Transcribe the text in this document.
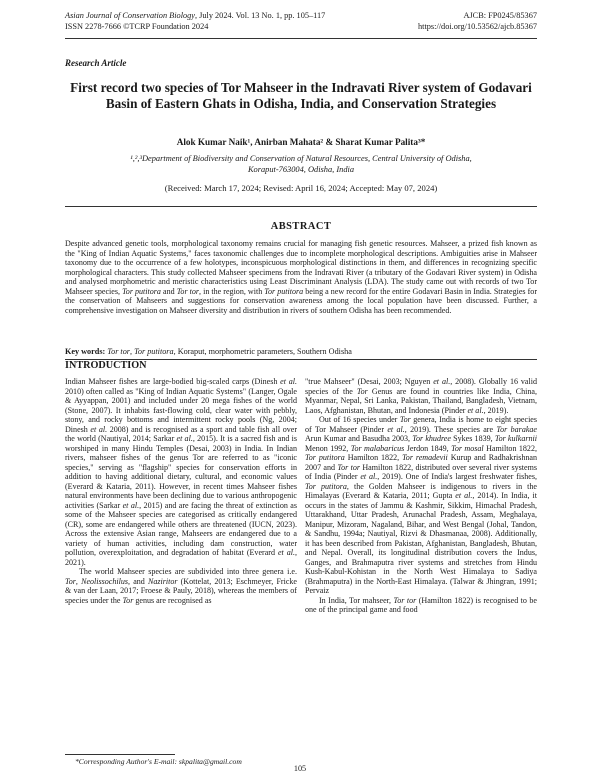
Asian Journal of Conservation Biology, July 2024. Vol. 13 No. 1, pp. 105–117
ISSN 2278-7666 ©TCRP Foundation 2024
AJCB: FP0245/85367
https://doi.org/10.53562/ajcb.85367
Research Article
First record two species of Tor Mahseer in the Indravati River system of Godavari Basin of Eastern Ghats in Odisha, India, and Conservation Strategies
Alok Kumar Naik¹, Anirban Mahata² & Sharat Kumar Palita³*
¹,²,³Department of Biodiversity and Conservation of Natural Resources, Central University of Odisha,
Koraput-763004, Odisha, India
(Received: March 17, 2024; Revised: April 16, 2024; Accepted: May 07, 2024)
ABSTRACT

Despite advanced genetic tools, morphological taxonomy remains crucial for managing fish genetic resources. Mahseer, a prized fish known as the "King of Indian Aquatic Systems," faces taxonomic challenges due to incomplete morphological descriptions. Ambiguities arise in Mahseer taxonomy due to the occurrence of a few holotypes, inconspicuous morphological distinctions in them, and differences in recognizing specific morphological characters. This study collected Mahseer specimens from the Indravati River (a tributary of the Godavari River system) in Odisha and analysed morphometric and meristic characteristics using Least Discriminant Analysis (LDA). The study came out with records of two Tor Mahseer species, Tor putitora and Tor tor, in the region, with Tor putitora being a new record for the entire Godavari Basin in India. Strategies for the conservation of Mahseers and suggestions for conservation awareness among the local population have been discussed. Further, a comprehensive investigation on Mahseer diversity and distribution in rivers of southern Odisha has been recommended.

Key words: Tor tor, Tor putitora, Koraput, morphometric parameters, Southern Odisha
INTRODUCTION

Indian Mahseer fishes are large-bodied big-scaled carps (Dinesh et al. 2010) often called as "King of Indian Aquatic Systems" (Langer, Ogale & Ayyappan, 2001) and included under 20 mega fishes of the world (Stone, 2007). It inhabits fast-flowing cold, clear water with pebbly, stony, and rocky bottoms and intermittent rocky pools (Ng, 2004; Dinesh et al. 2008) and is recognised as a sport and table fish all over the world (Nautiyal, 2014; Sarkar et al., 2015). It is a sacred fish and is worshiped in many Hindu Temples (Desai, 2003) in India. In Indian rivers, mahseer fishes of the genus Tor are referred to as "iconic species," serving as "flagship" species for conservation efforts in addition to having additional dietary, cultural, and economic values (Everard & Kataria, 2011). However, in recent times Mahseer fishes natural environments have been declining due to various anthropogenic activities (Sarkar et al., 2015) and are facing the threat of extinction as some of the Mahseer species are categorised as critically endangered (CR), some are endangered while others are threatened (IUCN, 2023). Across the extensive Asian range, Mahseers are endangered due to a variety of human activities, including dam construction, water pollution, overexploitation, and degradation of habitat (Everard et al., 2021).

The world Mahseer species are subdivided into three genera i.e. Tor, Neolissochilus, and Naziritor (Kottelat, 2013; Eschmeyer, Fricke & van der Laan, 2017; Froese & Pauly, 2018), whereas the members of species under the Tor genus are recognised as

"true Mahseer" (Desai, 2003; Nguyen et al., 2008). Globally 16 valid species of the Tor Genus are found in countries like India, China, Myanmar, Nepal, Sri Lanka, Pakistan, Thailand, Bangladesh, Vietnam, Laos, Afghanistan, Bhutan, and Indonesia (Pinder et al., 2019).

Out of 16 species under Tor genera, India is home to eight species of Tor Mahseer (Pinder et al., 2019). These species are Tor barakae Arun Kumar and Basudha 2003, Tor khudree Sykes 1839, Tor kulkarnii Menon 1992, Tor malabaricus Jerdon 1849, Tor mosal Hamilton 1822, Tor putitora Hamilton 1822, Tor remadevii Kurup and Radhakrishnan 2007 and Tor tor Hamilton 1822, distributed over several river systems of India (Pinder et al., 2019). One of India's largest freshwater fishes, Tor putitora, the Golden Mahseer is indigenous to rivers in the Himalayas (Everard & Kataria, 2011; Gupta et al., 2014). In India, it occurs in the states of Jammu & Kashmir, Sikkim, Himachal Pradesh, Uttarakhand, Uttar Pradesh, Arunachal Pradesh, Assam, Meghalaya, Manipur, Mizoram, Nagaland, Bihar, and West Bengal (Johal, Tandon, & Sandhu, 1994a; Nautiyal, Rizvi & Dhasmanaa, 2008). Additionally, it has been described from Pakistan, Afghanistan, Bangladesh, Bhutan, and Nepal. Overall, its longitudinal distribution covers the Indus, Ganges, and Brahmaputra river systems and stretches from Hindu Kush-Kabul-Kohistan in the North West Himalaya to Sadiya (Brahmaputra) in the North-East Himalaya. (Talwar & Jhingran, 1991; Pervaiz

In India, Tor mahseer, Tor tor (Hamilton 1822) is recognised to be one of the principal game and food

*Corresponding Author's E-mail: skpalita@gmail.com
105
